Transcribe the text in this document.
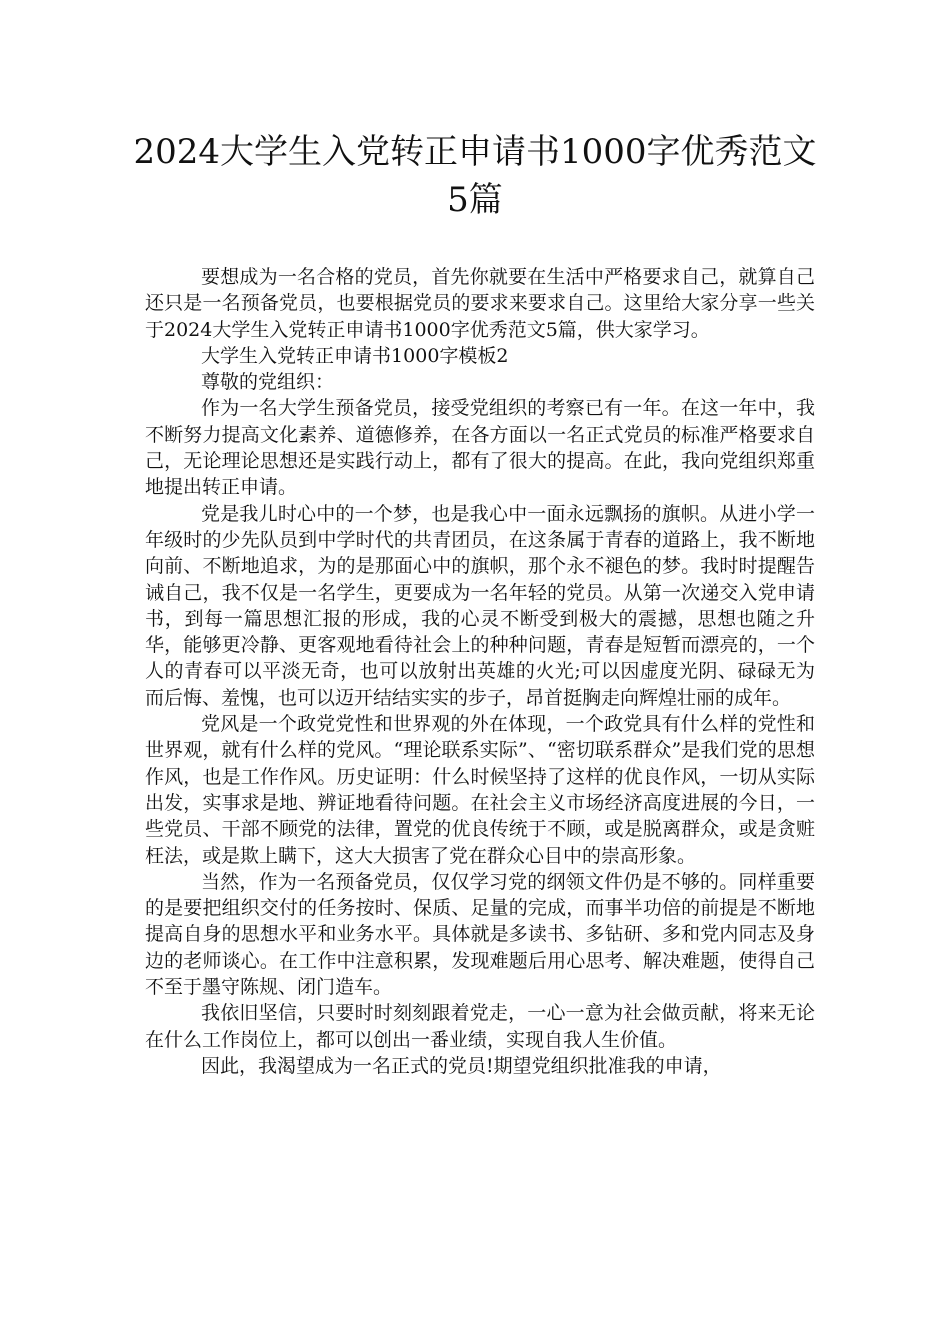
2024大学生入党转正申请书1000字优秀范文5篇

要想成为一名合格的党员，首先你就要在生活中严格要求自己，就算自己还只是一名预备党员，也要根据党员的要求来要求自己。这里给大家分享一些关于2024大学生入党转正申请书1000字优秀范文5篇，供大家学习。

大学生入党转正申请书1000字模板2

尊敬的党组织：

作为一名大学生预备党员，接受党组织的考察已有一年。在这一年中，我不断努力提高文化素养、道德修养，在各方面以一名正式党员的标准严格要求自己，无论理论思想还是实践行动上，都有了很大的提高。在此，我向党组织郑重地提出转正申请。

党是我儿时心中的一个梦，也是我心中一面永远飘扬的旗帜。从进小学一年级时的少先队员到中学时代的共青团员，在这条属于青春的道路上，我不断地向前、不断地追求，为的是那面心中的旗帜，那个永不褪色的梦。我时时提醒告诫自己，我不仅是一名学生，更要成为一名年轻的党员。从第一次递交入党申请书，到每一篇思想汇报的形成，我的心灵不断受到极大的震撼，思想也随之升华，能够更冷静、更客观地看待社会上的种种问题，青春是短暂而漂亮的，一个人的青春可以平淡无奇，也可以放射出英雄的火光;可以因虚度光阴、碌碌无为而后悔、羞愧，也可以迈开结结实实的步子，昂首挺胸走向辉煌壮丽的成年。

党风是一个政党党性和世界观的外在体现，一个政党具有什么样的党性和世界观，就有什么样的党风。“理论联系实际”、“密切联系群众”是我们党的思想作风，也是工作作风。历史证明：什么时候坚持了这样的优良作风，一切从实际出发，实事求是地、辨证地看待问题。在社会主义市场经济高度进展的今日，一些党员、干部不顾党的法律，置党的优良传统于不顾，或是脱离群众，或是贪赃枉法，或是欺上瞒下，这大大损害了党在群众心目中的崇高形象。

当然，作为一名预备党员，仅仅学习党的纲领文件仍是不够的。同样重要的是要把组织交付的任务按时、保质、足量的完成，而事半功倍的前提是不断地提高自身的思想水平和业务水平。具体就是多读书、多钻研、多和党内同志及身边的老师谈心。在工作中注意积累，发现难题后用心思考、解决难题，使得自己不至于墨守陈规、闭门造车。

我依旧坚信，只要时时刻刻跟着党走，一心一意为社会做贡献，将来无论在什么工作岗位上，都可以创出一番业绩，实现自我人生价值。

因此，我渴望成为一名正式的党员!期望党组织批准我的申请，
